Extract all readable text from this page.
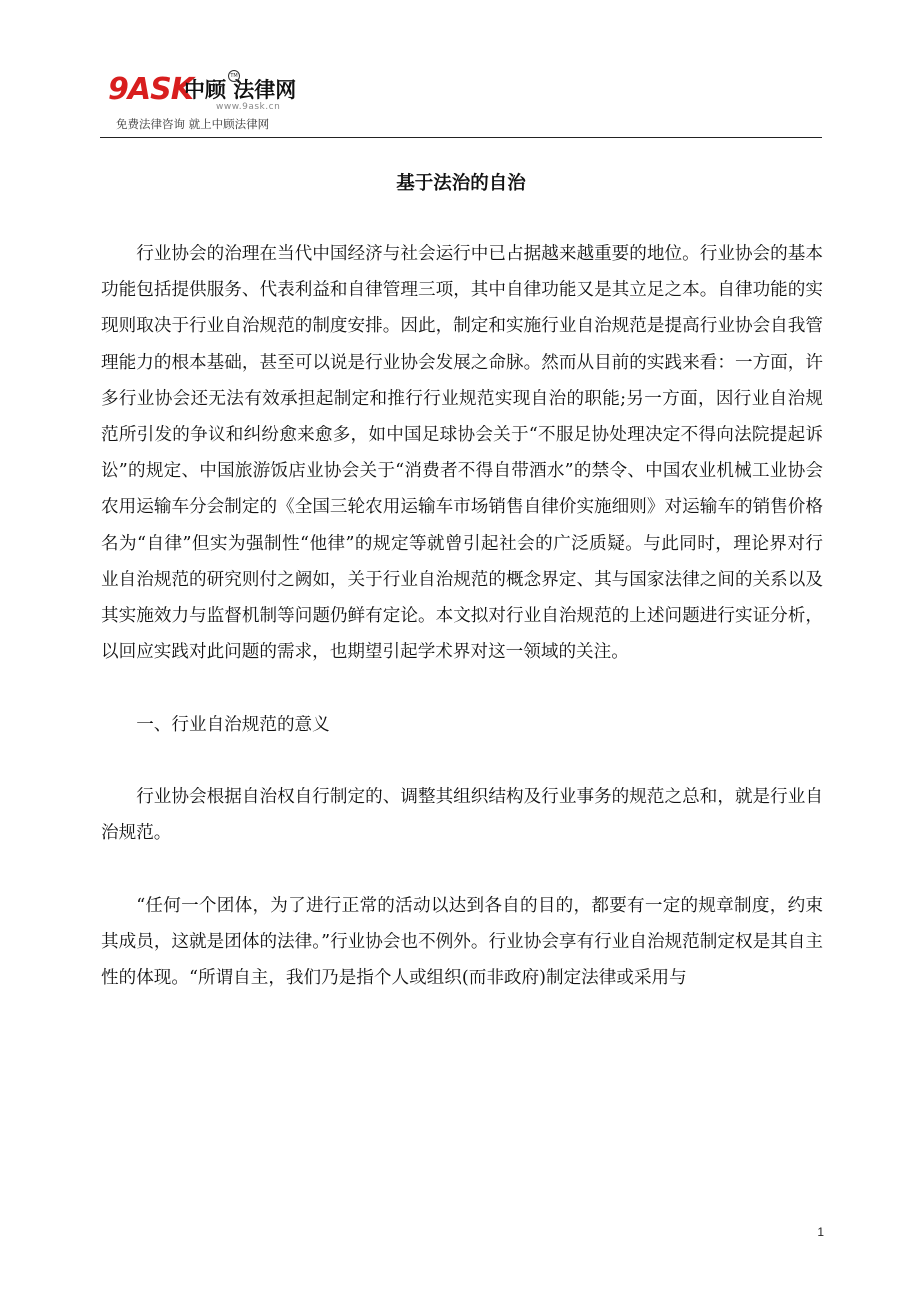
9ASK
中顾 法律网
TM
www.9ask.cn
免费法律咨询 就上中顾法律网
基于法治的自治

行业协会的治理在当代中国经济与社会运行中已占据越来越重要的地位。行业协会的基本功能包括提供服务、代表利益和自律管理三项，其中自律功能又是其立足之本。自律功能的实现则取决于行业自治规范的制度安排。因此，制定和实施行业自治规范是提高行业协会自我管理能力的根本基础，甚至可以说是行业协会发展之命脉。然而从目前的实践来看：一方面，许多行业协会还无法有效承担起制定和推行行业规范实现自治的职能;另一方面，因行业自治规范所引发的争议和纠纷愈来愈多，如中国足球协会关于“不服足协处理决定不得向法院提起诉讼”的规定、中国旅游饭店业协会关于“消费者不得自带酒水”的禁令、中国农业机械工业协会农用运输车分会制定的《全国三轮农用运输车市场销售自律价实施细则》对运输车的销售价格名为“自律”但实为强制性“他律”的规定等就曾引起社会的广泛质疑。与此同时，理论界对行业自治规范的研究则付之阙如，关于行业自治规范的概念界定、其与国家法律之间的关系以及其实施效力与监督机制等问题仍鲜有定论。本文拟对行业自治规范的上述问题进行实证分析，以回应实践对此问题的需求，也期望引起学术界对这一领域的关注。

一、行业自治规范的意义

行业协会根据自治权自行制定的、调整其组织结构及行业事务的规范之总和，就是行业自治规范。

“任何一个团体，为了进行正常的活动以达到各自的目的，都要有一定的规章制度，约束其成员，这就是团体的法律。”行业协会也不例外。行业协会享有行业自治规范制定权是其自主性的体现。“所谓自主，我们乃是指个人或组织(而非政府)制定法律或采用与

1
